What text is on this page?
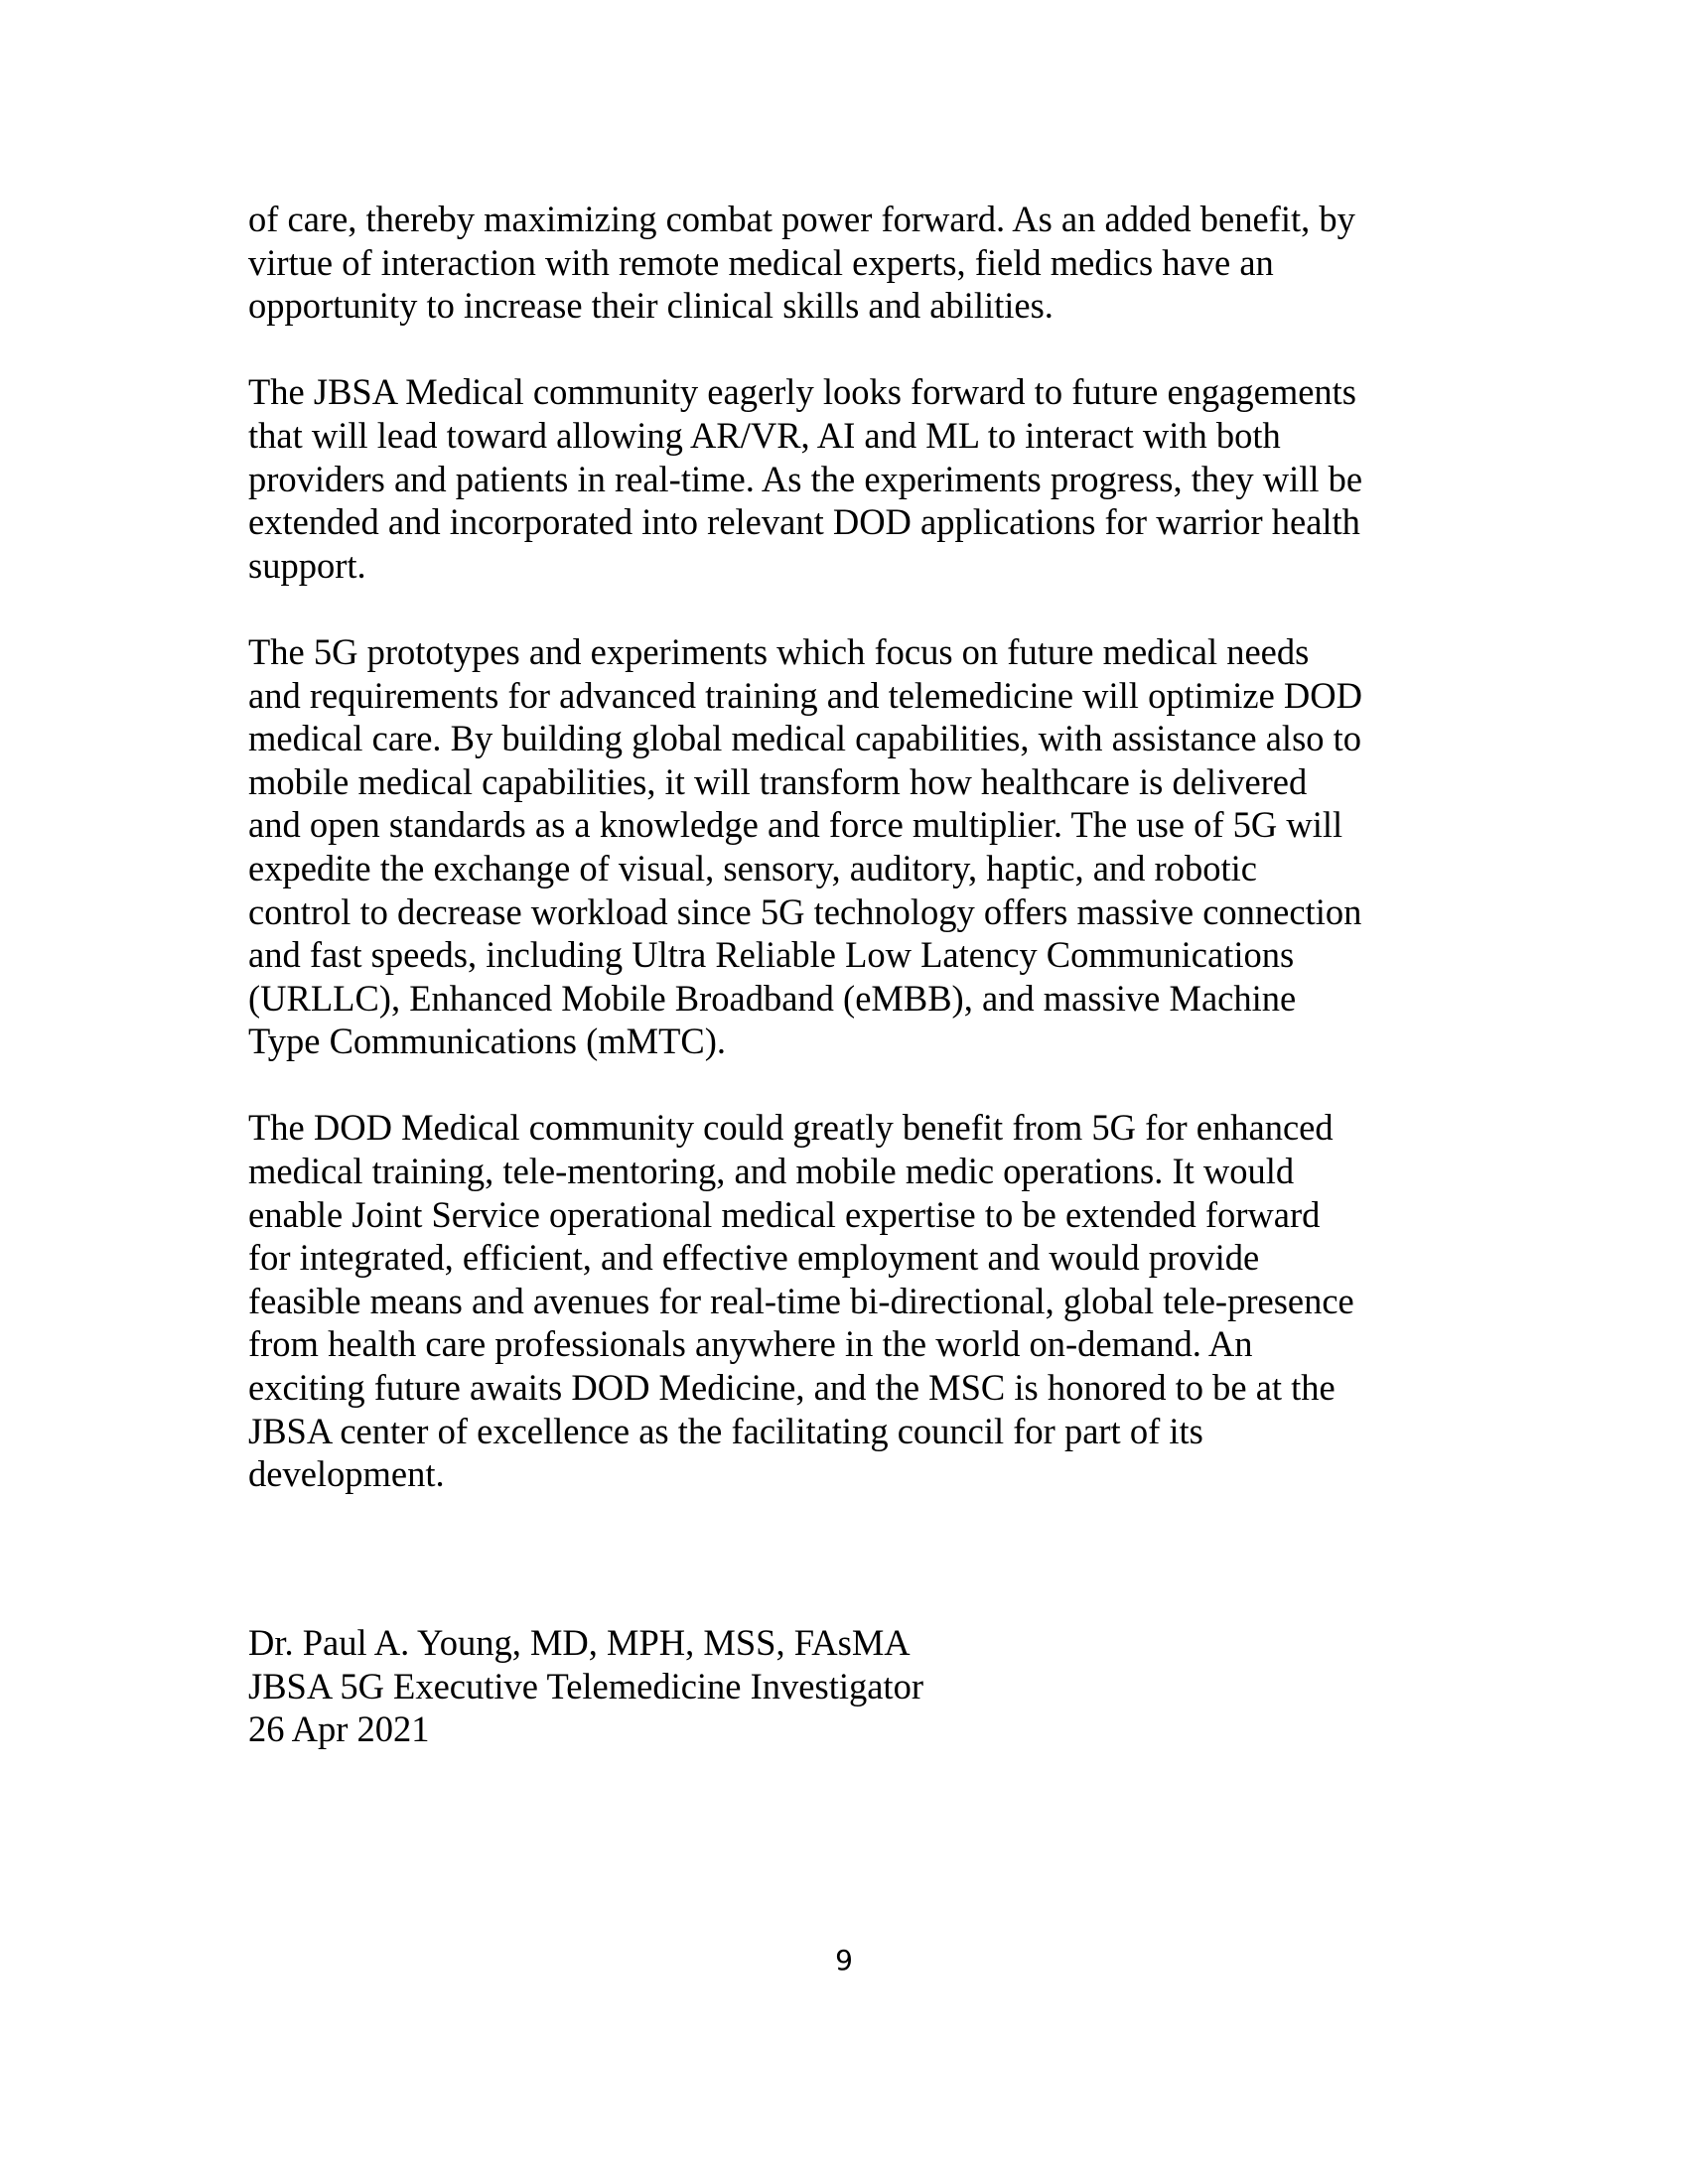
of care, thereby maximizing combat power forward. As an added benefit, by
virtue of interaction with remote medical experts, field medics have an
opportunity to increase their clinical skills and abilities.

The JBSA Medical community eagerly looks forward to future engagements
that will lead toward allowing AR/VR, AI and ML to interact with both
providers and patients in real-time. As the experiments progress, they will be
extended and incorporated into relevant DOD applications for warrior health
support.

The 5G prototypes and experiments which focus on future medical needs
and requirements for advanced training and telemedicine will optimize DOD
medical care. By building global medical capabilities, with assistance also to
mobile medical capabilities, it will transform how healthcare is delivered
and open standards as a knowledge and force multiplier. The use of 5G will
expedite the exchange of visual, sensory, auditory, haptic, and robotic
control to decrease workload since 5G technology offers massive connection
and fast speeds, including Ultra Reliable Low Latency Communications
(URLLC), Enhanced Mobile Broadband (eMBB), and massive Machine
Type Communications (mMTC).

The DOD Medical community could greatly benefit from 5G for enhanced
medical training, tele-mentoring, and mobile medic operations. It would
enable Joint Service operational medical expertise to be extended forward
for integrated, efficient, and effective employment and would provide
feasible means and avenues for real-time bi-directional, global tele-presence
from health care professionals anywhere in the world on-demand. An
exciting future awaits DOD Medicine, and the MSC is honored to be at the
JBSA center of excellence as the facilitating council for part of its
development.

Dr. Paul A. Young, MD, MPH, MSS, FAsMA
JBSA 5G Executive Telemedicine Investigator
26 Apr 2021
9
